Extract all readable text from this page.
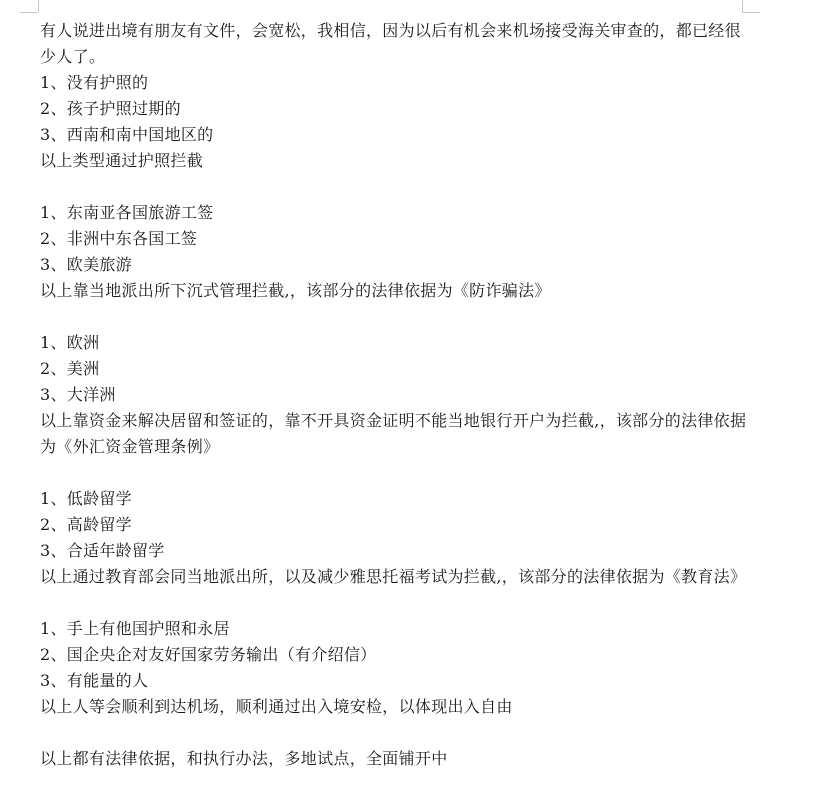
有人说进出境有朋友有文件，会宽松，我相信，因为以后有机会来机场接受海关审查的，都已经很少人了。

1、没有护照的

2、孩子护照过期的

3、西南和南中国地区的

以上类型通过护照拦截

1、东南亚各国旅游工签

2、非洲中东各国工签

3、欧美旅游

以上靠当地派出所下沉式管理拦截,，该部分的法律依据为《防诈骗法》

1、欧洲

2、美洲

3、大洋洲

以上靠资金来解决居留和签证的，靠不开具资金证明不能当地银行开户为拦截,，该部分的法律依据为《外汇资金管理条例》

1、低龄留学

2、高龄留学

3、合适年龄留学

以上通过教育部会同当地派出所，以及减少雅思托福考试为拦截,，该部分的法律依据为《教育法》

1、手上有他国护照和永居

2、国企央企对友好国家劳务输出（有介绍信）

3、有能量的人

以上人等会顺利到达机场，顺利通过出入境安检，以体现出入自由

以上都有法律依据，和执行办法，多地试点，全面铺开中
